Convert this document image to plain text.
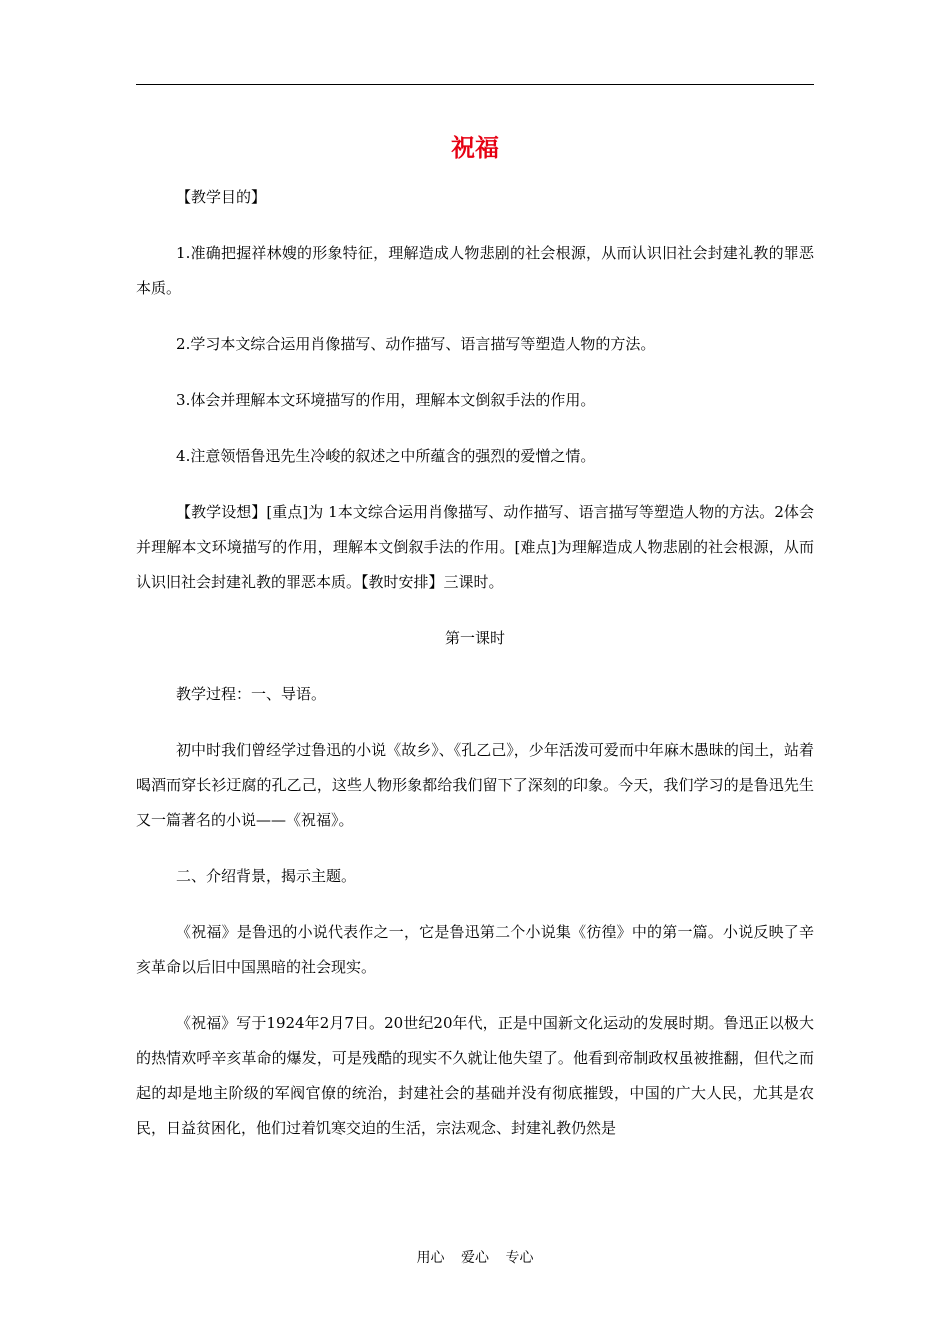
祝福

【教学目的】

1.准确把握祥林嫂的形象特征，理解造成人物悲剧的社会根源，从而认识旧社会封建礼教的罪恶本质。

2.学习本文综合运用肖像描写、动作描写、语言描写等塑造人物的方法。

3.体会并理解本文环境描写的作用，理解本文倒叙手法的作用。

4.注意领悟鲁迅先生冷峻的叙述之中所蕴含的强烈的爱憎之情。

【教学设想】[重点]为 1本文综合运用肖像描写、动作描写、语言描写等塑造人物的方法。2体会并理解本文环境描写的作用，理解本文倒叙手法的作用。[难点]为理解造成人物悲剧的社会根源，从而认识旧社会封建礼教的罪恶本质。【教时安排】三课时。

第一课时

教学过程：一、导语。

初中时我们曾经学过鲁迅的小说《故乡》、《孔乙己》，少年活泼可爱而中年麻木愚昧的闰土，站着喝酒而穿长衫迂腐的孔乙己，这些人物形象都给我们留下了深刻的印象。今天，我们学习的是鲁迅先生又一篇著名的小说——《祝福》。

二、介绍背景，揭示主题。

《祝福》是鲁迅的小说代表作之一，它是鲁迅第二个小说集《彷徨》中的第一篇。小说反映了辛亥革命以后旧中国黑暗的社会现实。

《祝福》写于1924年2月7日。20世纪20年代，正是中国新文化运动的发展时期。鲁迅正以极大的热情欢呼辛亥革命的爆发，可是残酷的现实不久就让他失望了。他看到帝制政权虽被推翻，但代之而起的却是地主阶级的军阀官僚的统治，封建社会的基础并没有彻底摧毁，中国的广大人民，尤其是农民，日益贫困化，他们过着饥寒交迫的生活，宗法观念、封建礼教仍然是

用心 爱心 专心
